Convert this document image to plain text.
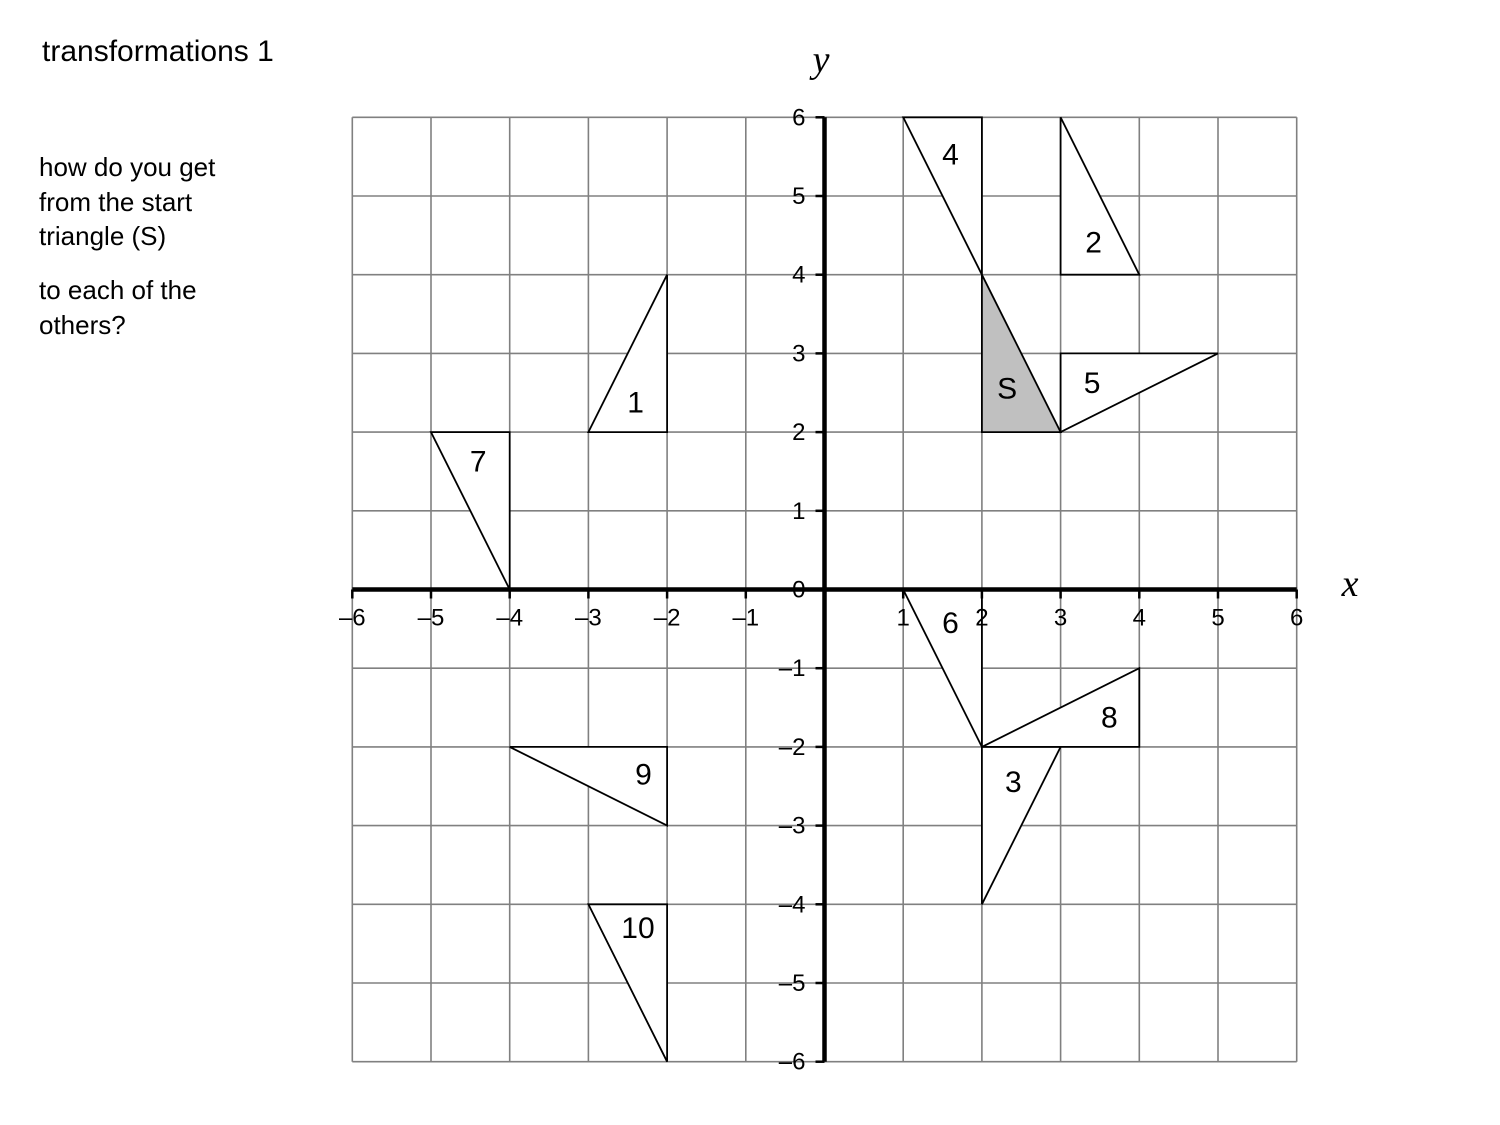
transformations 1
how do you get
from the start
triangle (S)
to each of the
others?
S
1
2
3
4
5
6
7
8
9
10
–6 –5 –4 –3 –2 –1	1	2	3	4	5	6
–6
–5
–4
–3
–2
–1
0
1
2
3
4
5
6
x
y
